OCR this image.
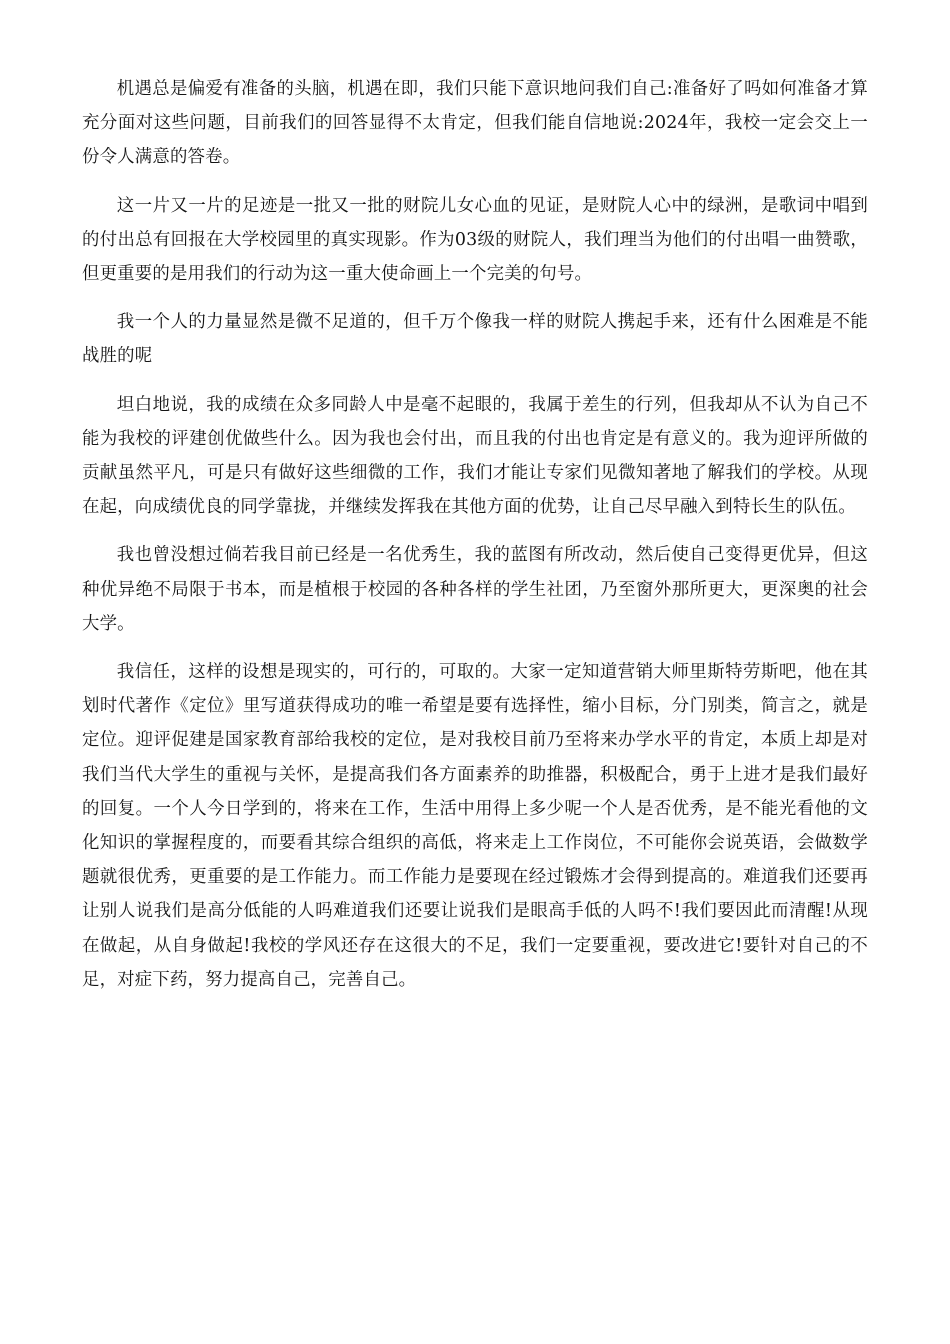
机遇总是偏爱有准备的头脑，机遇在即，我们只能下意识地问我们自己:准备好了吗如何准备才算充分面对这些问题，目前我们的回答显得不太肯定，但我们能自信地说:2024年，我校一定会交上一份令人满意的答卷。

这一片又一片的足迹是一批又一批的财院儿女心血的见证，是财院人心中的绿洲，是歌词中唱到的付出总有回报在大学校园里的真实现影。作为03级的财院人，我们理当为他们的付出唱一曲赞歌，但更重要的是用我们的行动为这一重大使命画上一个完美的句号。

我一个人的力量显然是微不足道的，但千万个像我一样的财院人携起手来，还有什么困难是不能战胜的呢

坦白地说，我的成绩在众多同龄人中是毫不起眼的，我属于差生的行列，但我却从不认为自己不能为我校的评建创优做些什么。因为我也会付出，而且我的付出也肯定是有意义的。我为迎评所做的贡献虽然平凡，可是只有做好这些细微的工作，我们才能让专家们见微知著地了解我们的学校。从现在起，向成绩优良的同学靠拢，并继续发挥我在其他方面的优势，让自己尽早融入到特长生的队伍。

我也曾没想过倘若我目前已经是一名优秀生，我的蓝图有所改动，然后使自己变得更优异，但这种优异绝不局限于书本，而是植根于校园的各种各样的学生社团，乃至窗外那所更大，更深奥的社会大学。

我信任，这样的设想是现实的，可行的，可取的。大家一定知道营销大师里斯特劳斯吧，他在其划时代著作《定位》里写道获得成功的唯一希望是要有选择性，缩小目标，分门别类，简言之，就是定位。迎评促建是国家教育部给我校的定位，是对我校目前乃至将来办学水平的肯定，本质上却是对我们当代大学生的重视与关怀，是提高我们各方面素养的助推器，积极配合，勇于上进才是我们最好的回复。一个人今日学到的，将来在工作，生活中用得上多少呢一个人是否优秀，是不能光看他的文化知识的掌握程度的，而要看其综合组织的高低，将来走上工作岗位，不可能你会说英语，会做数学题就很优秀，更重要的是工作能力。而工作能力是要现在经过锻炼才会得到提高的。难道我们还要再让别人说我们是高分低能的人吗难道我们还要让说我们是眼高手低的人吗不!我们要因此而清醒!从现在做起，从自身做起!我校的学风还存在这很大的不足，我们一定要重视，要改进它!要针对自己的不足，对症下药，努力提高自己，完善自己。
